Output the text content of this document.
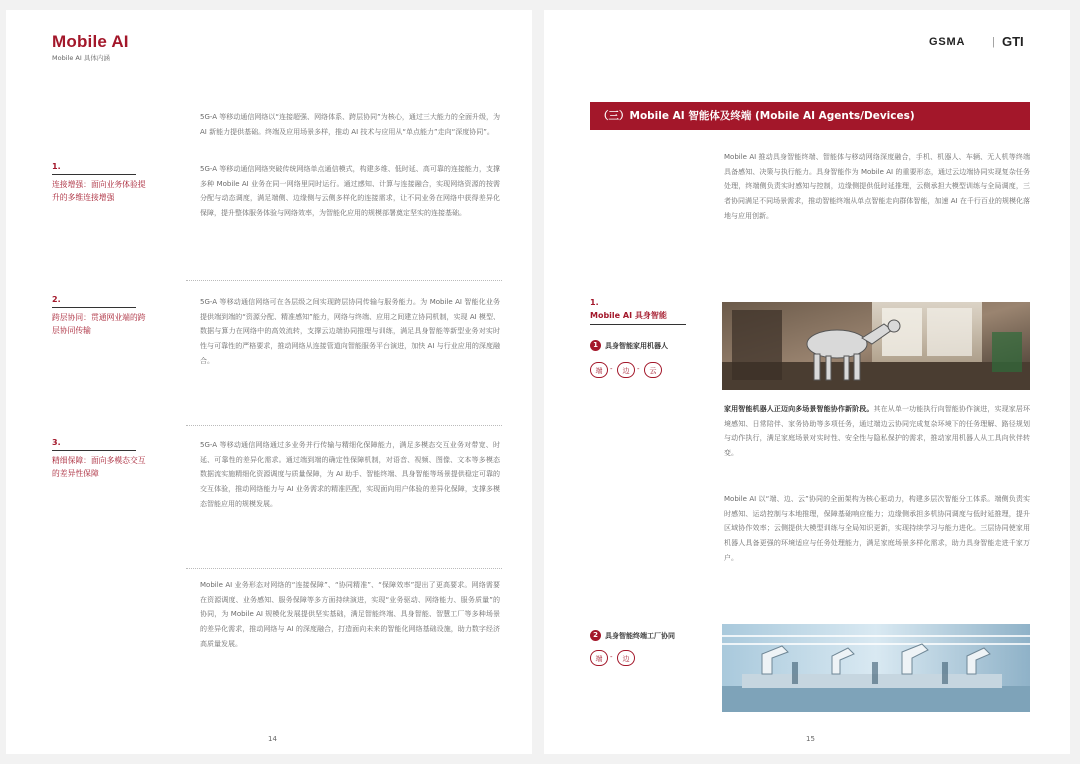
Mobile AI
Mobile AI 具体内涵

5G-A 等移动通信网络以“连接超强、网络体系、跨层协同”为核心，通过三大能力的全面升级，为 AI 新能力提供基础。终端及应用场景多样，推动 AI 技术与应用从“单点能力”走向“深度协同”。

1.
连接增强：面向业务体验提升的多维连接增强

5G-A 等移动通信网络突破传统网络单点通信模式，构建多维、低时延、高可靠的连接能力，支撑多种 Mobile AI 业务在同一网络里同时运行。通过感知、计算与连接融合，实现网络资源的按需分配与动态调度，满足端侧、边缘侧与云侧多样化的连接需求，让不同业务在网络中获得差异化保障，提升整体服务体验与网络效率，为智能化应用的规模部署奠定坚实的连接基础。

2.
跨层协同：贯通网业端的跨层协同传输

5G-A 等移动通信网络可在各层级之间实现跨层协同传输与服务能力。为 Mobile AI 智能化业务提供端到端的“资源分配、精准感知”能力，网络与终端、应用之间建立协同机制，实现 AI 模型、数据与算力在网络中的高效流转，支撑云边端协同推理与训练，满足具身智能等新型业务对实时性与可靠性的严格要求，推动网络从连接管道向智能服务平台演进，加快 AI 与行业应用的深度融合。

3.
精细保障：面向多模态交互的差异性保障

5G-A 等移动通信网络通过多业务并行传输与精细化保障能力，满足多模态交互业务对带宽、时延、可靠性的差异化需求。通过端到端的确定性保障机制，对语音、视频、图像、文本等多模态数据流实施精细化资源调度与质量保障，为 AI 助手、智能终端、具身智能等场景提供稳定可靠的交互体验，推动网络能力与 AI 业务需求的精准匹配，实现面向用户体验的差异化保障，支撑多模态智能应用的规模发展。

Mobile AI 业务形态对网络的“连接保障”、“协同精准”、“保障效率”提出了更高要求。网络需要在资源调度、业务感知、服务保障等多方面持续演进，实现“业务驱动、网络能力、服务质量”的协同，为 Mobile AI 规模化发展提供坚实基础，满足智能终端、具身智能、智慧工厂等多种场景的差异化需求，推动网络与 AI 的深度融合，打造面向未来的智能化网络基础设施，助力数字经济高质量发展。

14
GSMA | GTI
（三）Mobile AI 智能体及终端 (Mobile AI Agents/Devices)

Mobile AI 推动具身智能终端、智能体与移动网络深度融合，手机、机器人、车辆、无人机等终端具备感知、决策与执行能力。具身智能作为 Mobile AI 的重要形态，通过云边端协同实现复杂任务处理，终端侧负责实时感知与控制，边缘侧提供低时延推理，云侧承担大模型训练与全局调度，三者协同满足不同场景需求，推动智能终端从单点智能走向群体智能，加速 AI 在千行百业的规模化落地与应用创新。

1.
Mobile AI 具身智能
1	具身智能家用机器人
端	-	边	-	云

家用智能机器人正迈向多场景智能协作新阶段。其在从单一功能执行向智能协作演进，实现家居环境感知、日常陪伴、家务协助等多项任务，通过端边云协同完成复杂环境下的任务理解、路径规划与动作执行，满足家庭场景对实时性、安全性与隐私保护的需求，推动家用机器人从工具向伙伴转变。

Mobile AI 以“端、边、云”协同的全面架构为核心驱动力，构建多层次智能分工体系。端侧负责实时感知、运动控制与本地推理，保障基础响应能力；边缘侧承担多机协同调度与低时延推理，提升区域协作效率；云侧提供大模型训练与全局知识更新，实现持续学习与能力进化。三层协同使家用机器人具备更强的环境适应与任务处理能力，满足家庭场景多样化需求，助力具身智能走进千家万户。

2	具身智能终端工厂协同
端	-	边
15
